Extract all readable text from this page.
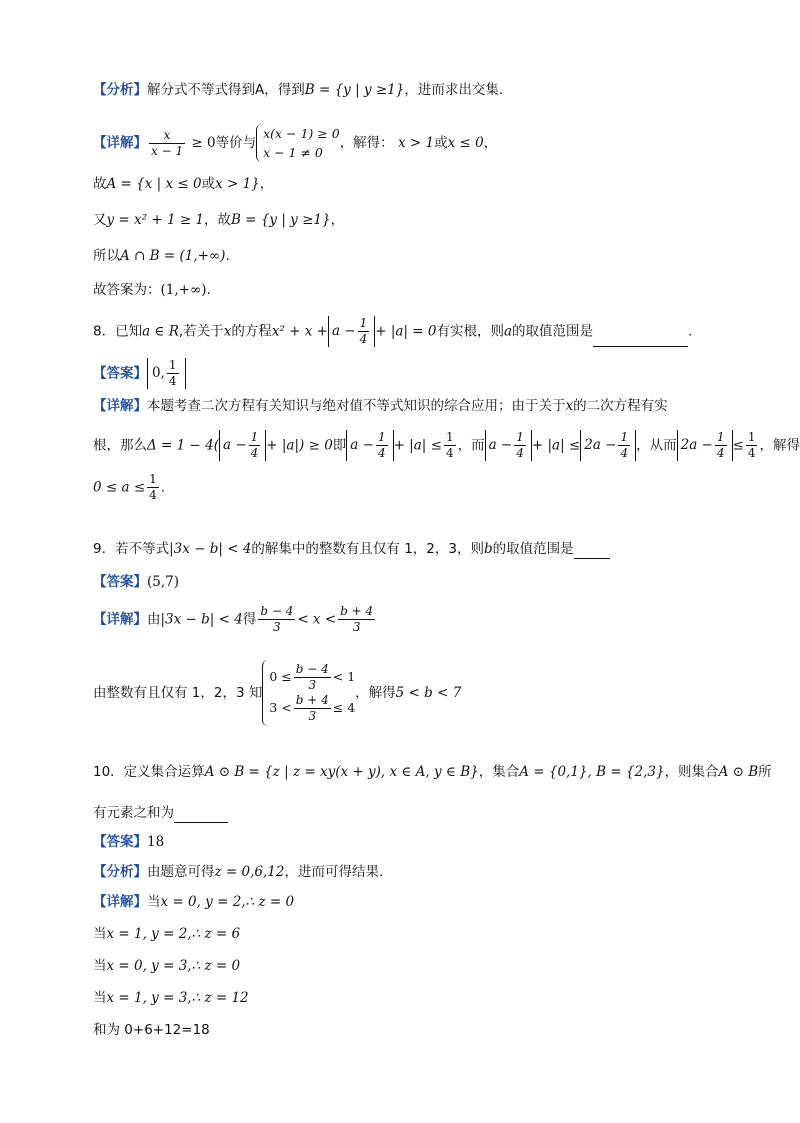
【分析】解分式不等式得到A，得到B = {y | y ≥1}，进而求出交集.
【详解】 $\frac{x}{x - 1} \ge 0$等价与
x(x − 1) ≥ 0
x − 1 ≠ 0
，解得： x > 1或x ≤ 0，
故A = {x | x ≤ 0或x > 1}，
又y = x² + 1 ≥ 1，故B = {y | y ≥1}，
所以A ∩ B = (1,+∞).
故答案为：(1,+∞).
8．已知a ∈ R,若关于x的方程$x^2 + x + a - \frac{1}{4} + |a| = 0$有实根，则a的取值范围是	.
【答案】 0, $\frac{1}{4}$
【详解】本题考查二次方程有关知识与绝对值不等式知识的综合应用；由于关于x的二次方程有实
根，那么Δ = 1 − 4( $a - \frac{1}{4} + |a|) \ge 0$即 $a - \frac{1}{4} + |a| \le \frac{1}{4}$ ，而 $a - \frac{1}{4} + |a| \le 2a - \frac{1}{4}$ ，从而 $2a - \frac{1}{4} \le \frac{1}{4}$ ，解得
$0 \le a \le \frac{1}{4}$ .
9．若不等式|3x − b| < 4的解集中的整数有且仅有 1，2，3，则b的取值范围是
【答案】(5,7)
【详解】由|3x − b| < 4得 $\frac{b - 4}{3} < x < \frac{b + 4}{3}$
由整数有且仅有 1，2，3 知
$0 \le \frac{b - 4}{3} < 1$
$3 < \frac{b + 4}{3} \le 4$
，解得5 < b < 7
10．定义集合运算A ⊙ B = {z | z = xy(x + y), x ∈ A, y ∈ B}，集合A = {0,1}, B = {2,3}，则集合A ⊙ B所
有元素之和为
【答案】18
【分析】由题意可得z = 0,6,12，进而可得结果.
【详解】当x = 0, y = 2,∴ z = 0
当x = 1, y = 2,∴ z = 6
当x = 0, y = 3,∴ z = 0
当x = 1, y = 3,∴ z = 12
和为 0+6+12=18
